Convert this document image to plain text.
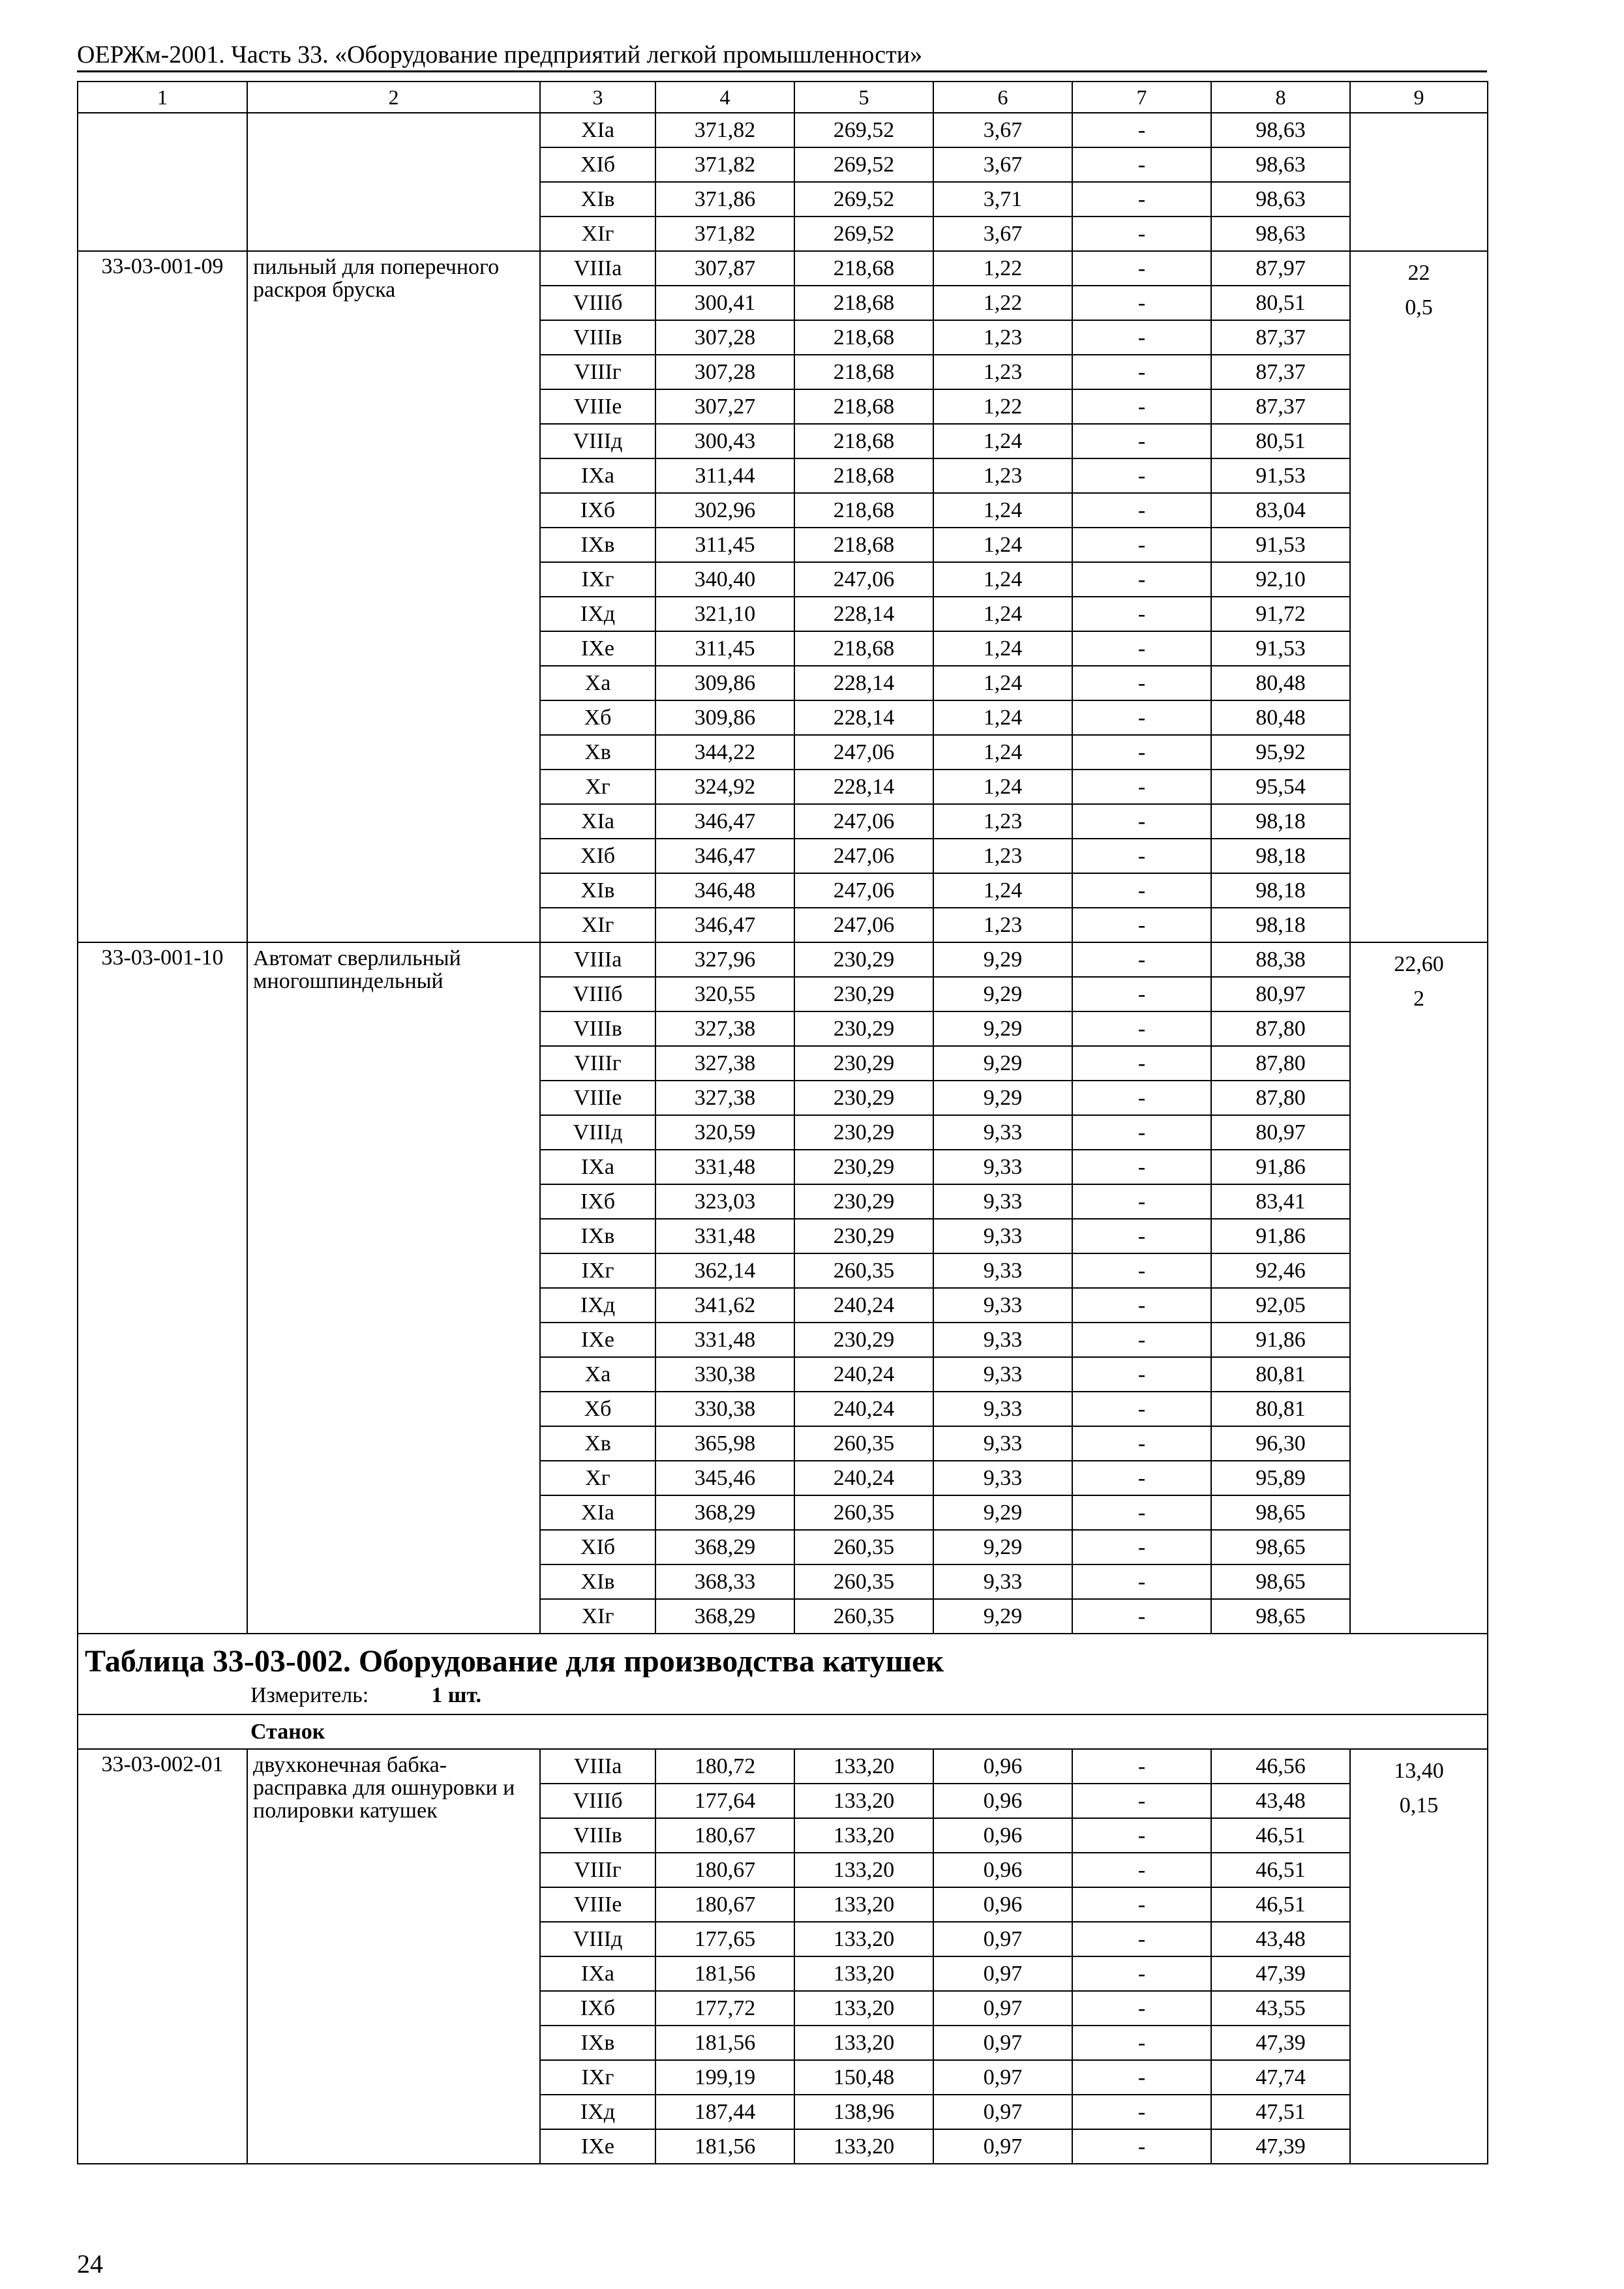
ОЕРЖм-2001. Часть 33. «Оборудование предприятий легкой промышленности»
1	2	3	4	5	6	7	8	9
		XIа	371,82	269,52	3,67	-	98,63	
		XIб	371,82	269,52	3,67	-	98,63	
		XIв	371,86	269,52	3,71	-	98,63	
		XIг	371,82	269,52	3,67	-	98,63	
33-03-001-09	пильный для поперечного раскроя бруска	VIIIа	307,87	218,68	1,22	-	87,97	22
0,5
		VIIIб	300,41	218,68	1,22	-	80,51	
		VIIIв	307,28	218,68	1,23	-	87,37	
		VIIIг	307,28	218,68	1,23	-	87,37	
		VIIIе	307,27	218,68	1,22	-	87,37	
		VIIIд	300,43	218,68	1,24	-	80,51	
		IXа	311,44	218,68	1,23	-	91,53	
		IXб	302,96	218,68	1,24	-	83,04	
		IXв	311,45	218,68	1,24	-	91,53	
		IXг	340,40	247,06	1,24	-	92,10	
		IXд	321,10	228,14	1,24	-	91,72	
		IXе	311,45	218,68	1,24	-	91,53	
		Xа	309,86	228,14	1,24	-	80,48	
		Xб	309,86	228,14	1,24	-	80,48	
		Xв	344,22	247,06	1,24	-	95,92	
		Xг	324,92	228,14	1,24	-	95,54	
		XIа	346,47	247,06	1,23	-	98,18	
		XIб	346,47	247,06	1,23	-	98,18	
		XIв	346,48	247,06	1,24	-	98,18	
		XIг	346,47	247,06	1,23	-	98,18	
33-03-001-10	Автомат сверлильный многошпиндельный	VIIIа	327,96	230,29	9,29	-	88,38	22,60
2
		VIIIб	320,55	230,29	9,29	-	80,97	
		VIIIв	327,38	230,29	9,29	-	87,80	
		VIIIг	327,38	230,29	9,29	-	87,80	
		VIIIе	327,38	230,29	9,29	-	87,80	
		VIIIд	320,59	230,29	9,33	-	80,97	
		IXа	331,48	230,29	9,33	-	91,86	
		IXб	323,03	230,29	9,33	-	83,41	
		IXв	331,48	230,29	9,33	-	91,86	
		IXг	362,14	260,35	9,33	-	92,46	
		IXд	341,62	240,24	9,33	-	92,05	
		IXе	331,48	230,29	9,33	-	91,86	
		Xа	330,38	240,24	9,33	-	80,81	
		Xб	330,38	240,24	9,33	-	80,81	
		Xв	365,98	260,35	9,33	-	96,30	
		Xг	345,46	240,24	9,33	-	95,89	
		XIа	368,29	260,35	9,29	-	98,65	
		XIб	368,29	260,35	9,29	-	98,65	
		XIв	368,33	260,35	9,33	-	98,65	
		XIг	368,29	260,35	9,29	-	98,65	
Таблица 33-03-002. Оборудование для производства катушек								
Измеритель: 1 шт.								
Станок								
33-03-002-01	двухконечная бабка-расправка для ошнуровки и полировки катушек	VIIIа	180,72	133,20	0,96	-	46,56	13,40
0,15
		VIIIб	177,64	133,20	0,96	-	43,48	
		VIIIв	180,67	133,20	0,96	-	46,51	
		VIIIг	180,67	133,20	0,96	-	46,51	
		VIIIе	180,67	133,20	0,96	-	46,51	
		VIIIд	177,65	133,20	0,97	-	43,48	
		IXа	181,56	133,20	0,97	-	47,39	
		IXб	177,72	133,20	0,97	-	43,55	
		IXв	181,56	133,20	0,97	-	47,39	
		IXг	199,19	150,48	0,97	-	47,74	
		IXд	187,44	138,96	0,97	-	47,51	
		IXе	181,56	133,20	0,97	-	47,39	
24
